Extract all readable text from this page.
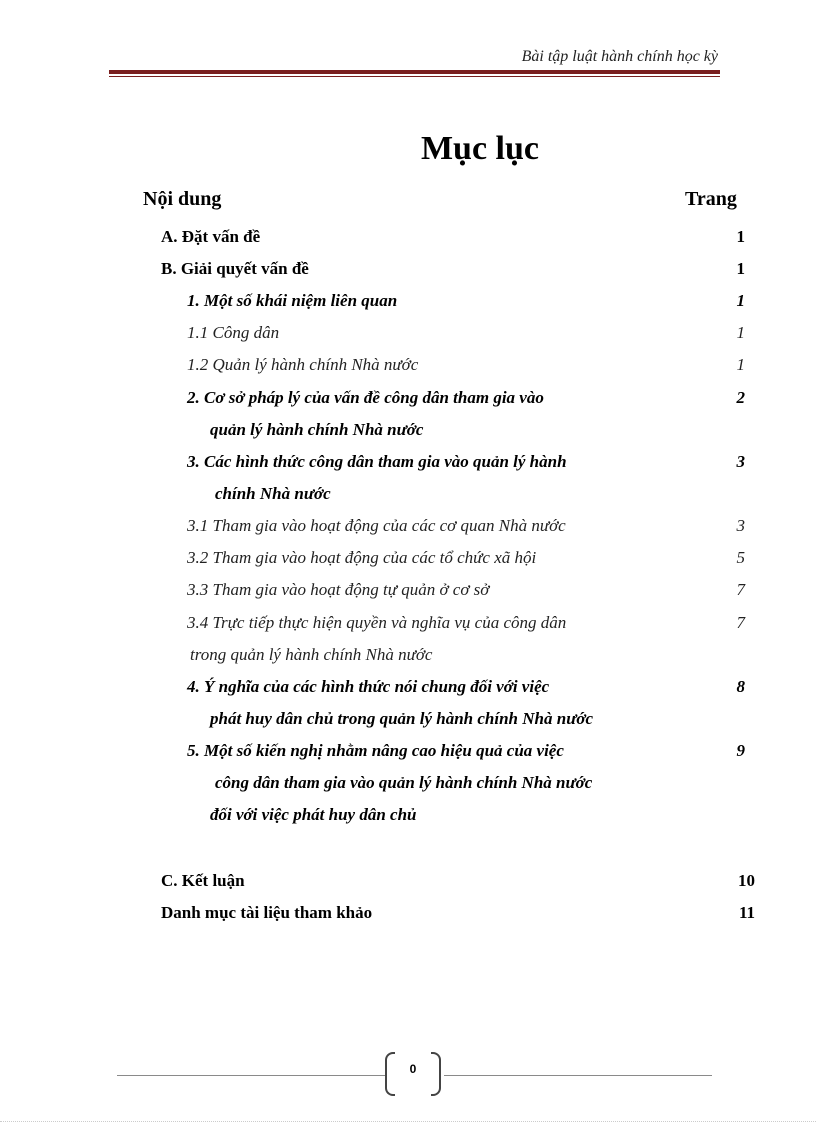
Bài tập luật hành chính học kỳ
Mục lục
Nội dung	Trang
A. Đặt vấn đề	1
B. Giải quyết vấn đề	1
1. Một số khái niệm liên quan	1
1.1 Công dân	1
1.2 Quản lý hành chính Nhà nước	1
2. Cơ sở pháp lý của vấn đề công dân tham gia vào	2
quản lý hành chính Nhà nước
3. Các hình thức công dân tham gia vào quản lý hành	3
chính Nhà nước
3.1 Tham gia vào hoạt động của các cơ quan Nhà nước	3
3.2 Tham gia vào hoạt động của các tổ chức xã hội	5
3.3 Tham gia vào hoạt động tự quản ở cơ sở	7
3.4 Trực tiếp thực hiện quyền và nghĩa vụ của công dân	7
trong quản lý hành chính Nhà nước
4. Ý nghĩa của các hình thức nói chung đối với việc	8
phát huy dân chủ trong quản lý hành chính Nhà nước
5. Một số kiến nghị nhằm nâng cao hiệu quả của việc	9
công dân tham gia vào quản lý hành chính Nhà nước
đối với việc phát huy dân chủ
C. Kết luận	10
Danh mục tài liệu tham khảo	11
0
